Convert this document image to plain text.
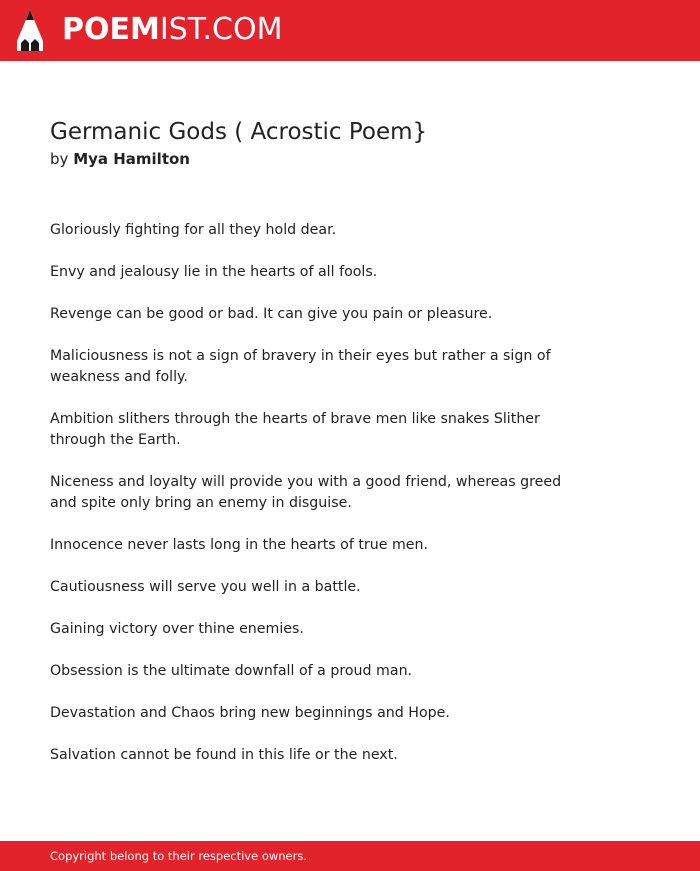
POEMIST.COM
Germanic Gods ( Acrostic Poem}
by Mya Hamilton

Gloriously fighting for all they hold dear.

Envy and jealousy lie in the hearts of all fools.

Revenge can be good or bad. It can give you pain or pleasure.

Maliciousness is not a sign of bravery in their eyes but rather a sign of weakness and folly.

Ambition slithers through the hearts of brave men like snakes Slither through the Earth.

Niceness and loyalty will provide you with a good friend, whereas greed and spite only bring an enemy in disguise.

Innocence never lasts long in the hearts of true men.

Cautiousness will serve you well in a battle.

Gaining victory over thine enemies.

Obsession is the ultimate downfall of a proud man.

Devastation and Chaos bring new beginnings and Hope.

Salvation cannot be found in this life or the next.

Copyright belong to their respective owners.
